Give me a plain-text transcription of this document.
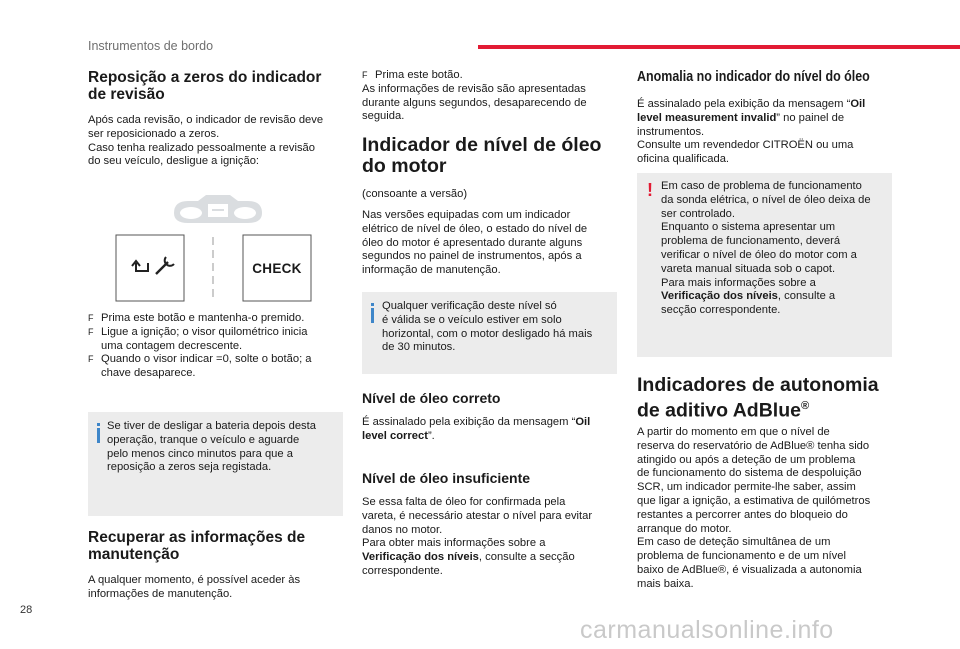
Instrumentos de bordo
Reposição a zeros do indicador de revisão

Após cada revisão, o indicador de revisão deve

ser reposicionado a zeros.

Caso tenha realizado pessoalmente a revisão

do seu veículo, desligue a ignição:

CHECK
F Prima este botão e mantenha-o premido.
F Ligue a ignição; o visor quilométrico inicia
uma contagem decrescente.
F Quando o visor indicar =0, solte o botão; a
chave desaparece.

Se tiver de desligar a bateria depois desta

operação, tranque o veículo e aguarde

pelo menos cinco minutos para que a

reposição a zeros seja registada.

Recuperar as informações de manutenção

A qualquer momento, é possível aceder às

informações de manutenção.

F Prima este botão.

As informações de revisão são apresentadas

durante alguns segundos, desaparecendo de

seguida.

Indicador de nível de óleo do motor

(consoante a versão)

Nas versões equipadas com um indicador

elétrico de nível de óleo, o estado do nível de

óleo do motor é apresentado durante alguns

segundos no painel de instrumentos, após a

informação de manutenção.

Qualquer verificação deste nível só

é válida se o veículo estiver em solo

horizontal, com o motor desligado há mais

de 30 minutos.

Nível de óleo correto

É assinalado pela exibição da mensagem “Oil

level correct”.

Nível de óleo insuficiente

Se essa falta de óleo for confirmada pela

vareta, é necessário atestar o nível para evitar

danos no motor.

Para obter mais informações sobre a

Verificação dos níveis, consulte a secção

correspondente.

Anomalia no indicador do nível do óleo

É assinalado pela exibição da mensagem “Oil

level measurement invalid” no painel de

instrumentos.

Consulte um revendedor CITROËN ou uma

oficina qualificada.

! Em caso de problema de funcionamento

da sonda elétrica, o nível de óleo deixa de

ser controlado.

Enquanto o sistema apresentar um

problema de funcionamento, deverá

verificar o nível de óleo do motor com a

vareta manual situada sob o capot.

Para mais informações sobre a

Verificação dos níveis, consulte a

secção correspondente.

Indicadores de autonomia
de aditivo AdBlue®

A partir do momento em que o nível de

reserva do reservatório de AdBlue® tenha sido

atingido ou após a deteção de um problema

de funcionamento do sistema de despoluição

SCR, um indicador permite-lhe saber, assim

que ligar a ignição, a estimativa de quilómetros

restantes a percorrer antes do bloqueio do

arranque do motor.

Em caso de deteção simultânea de um

problema de funcionamento e de um nível

baixo de AdBlue®, é visualizada a autonomia

mais baixa.

28
carmanualsonline.info
